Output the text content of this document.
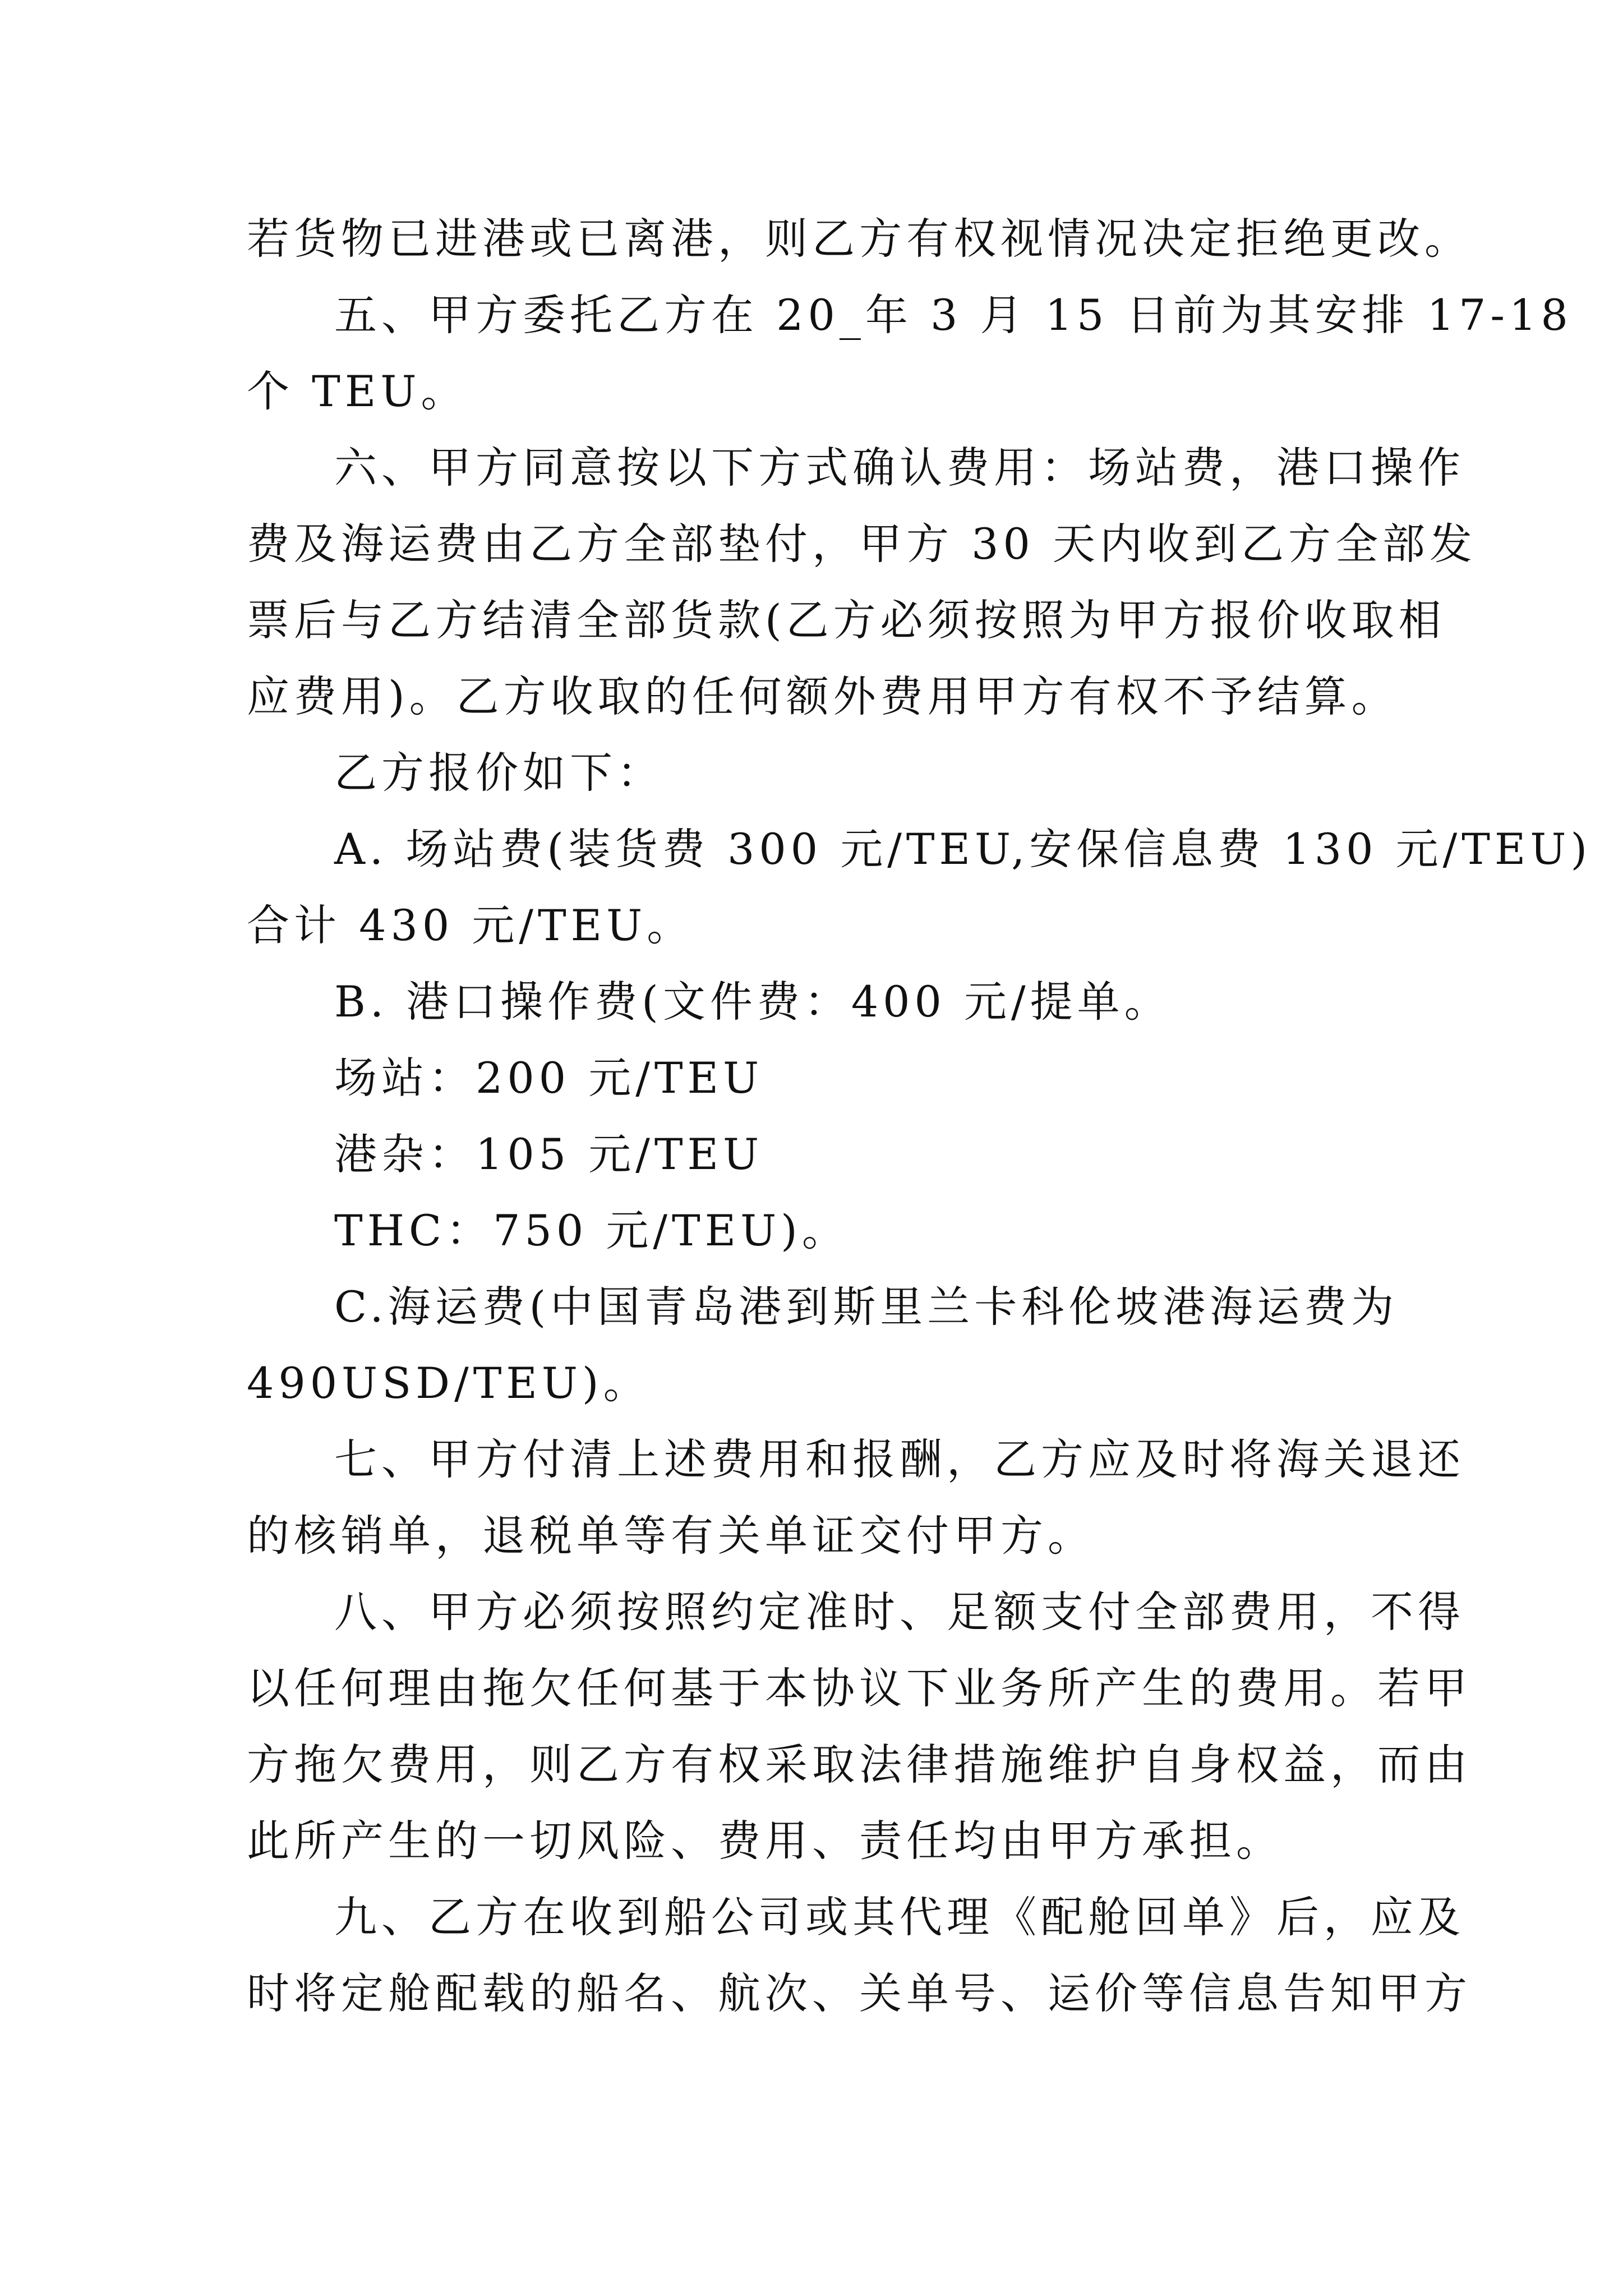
若货物已进港或已离港，则乙方有权视情况决定拒绝更改。
五、甲方委托乙方在 20_年 3 月 15 日前为其安排 17-18
个 TEU。
六、甲方同意按以下方式确认费用：场站费，港口操作
费及海运费由乙方全部垫付，甲方 30 天内收到乙方全部发
票后与乙方结清全部货款(乙方必须按照为甲方报价收取相
应费用)。乙方收取的任何额外费用甲方有权不予结算。
乙方报价如下：
A. 场站费(装货费 300 元/TEU,安保信息费 130 元/TEU)
合计 430 元/TEU。
B. 港口操作费(文件费：400 元/提单。
场站：200 元/TEU
港杂：105 元/TEU
THC：750 元/TEU)。
C.海运费(中国青岛港到斯里兰卡科伦坡港海运费为
490USD/TEU)。
七、甲方付清上述费用和报酬，乙方应及时将海关退还
的核销单，退税单等有关单证交付甲方。
八、甲方必须按照约定准时、足额支付全部费用，不得
以任何理由拖欠任何基于本协议下业务所产生的费用。若甲
方拖欠费用，则乙方有权采取法律措施维护自身权益，而由
此所产生的一切风险、费用、责任均由甲方承担。
九、乙方在收到船公司或其代理《配舱回单》后，应及
时将定舱配载的船名、航次、关单号、运价等信息告知甲方
